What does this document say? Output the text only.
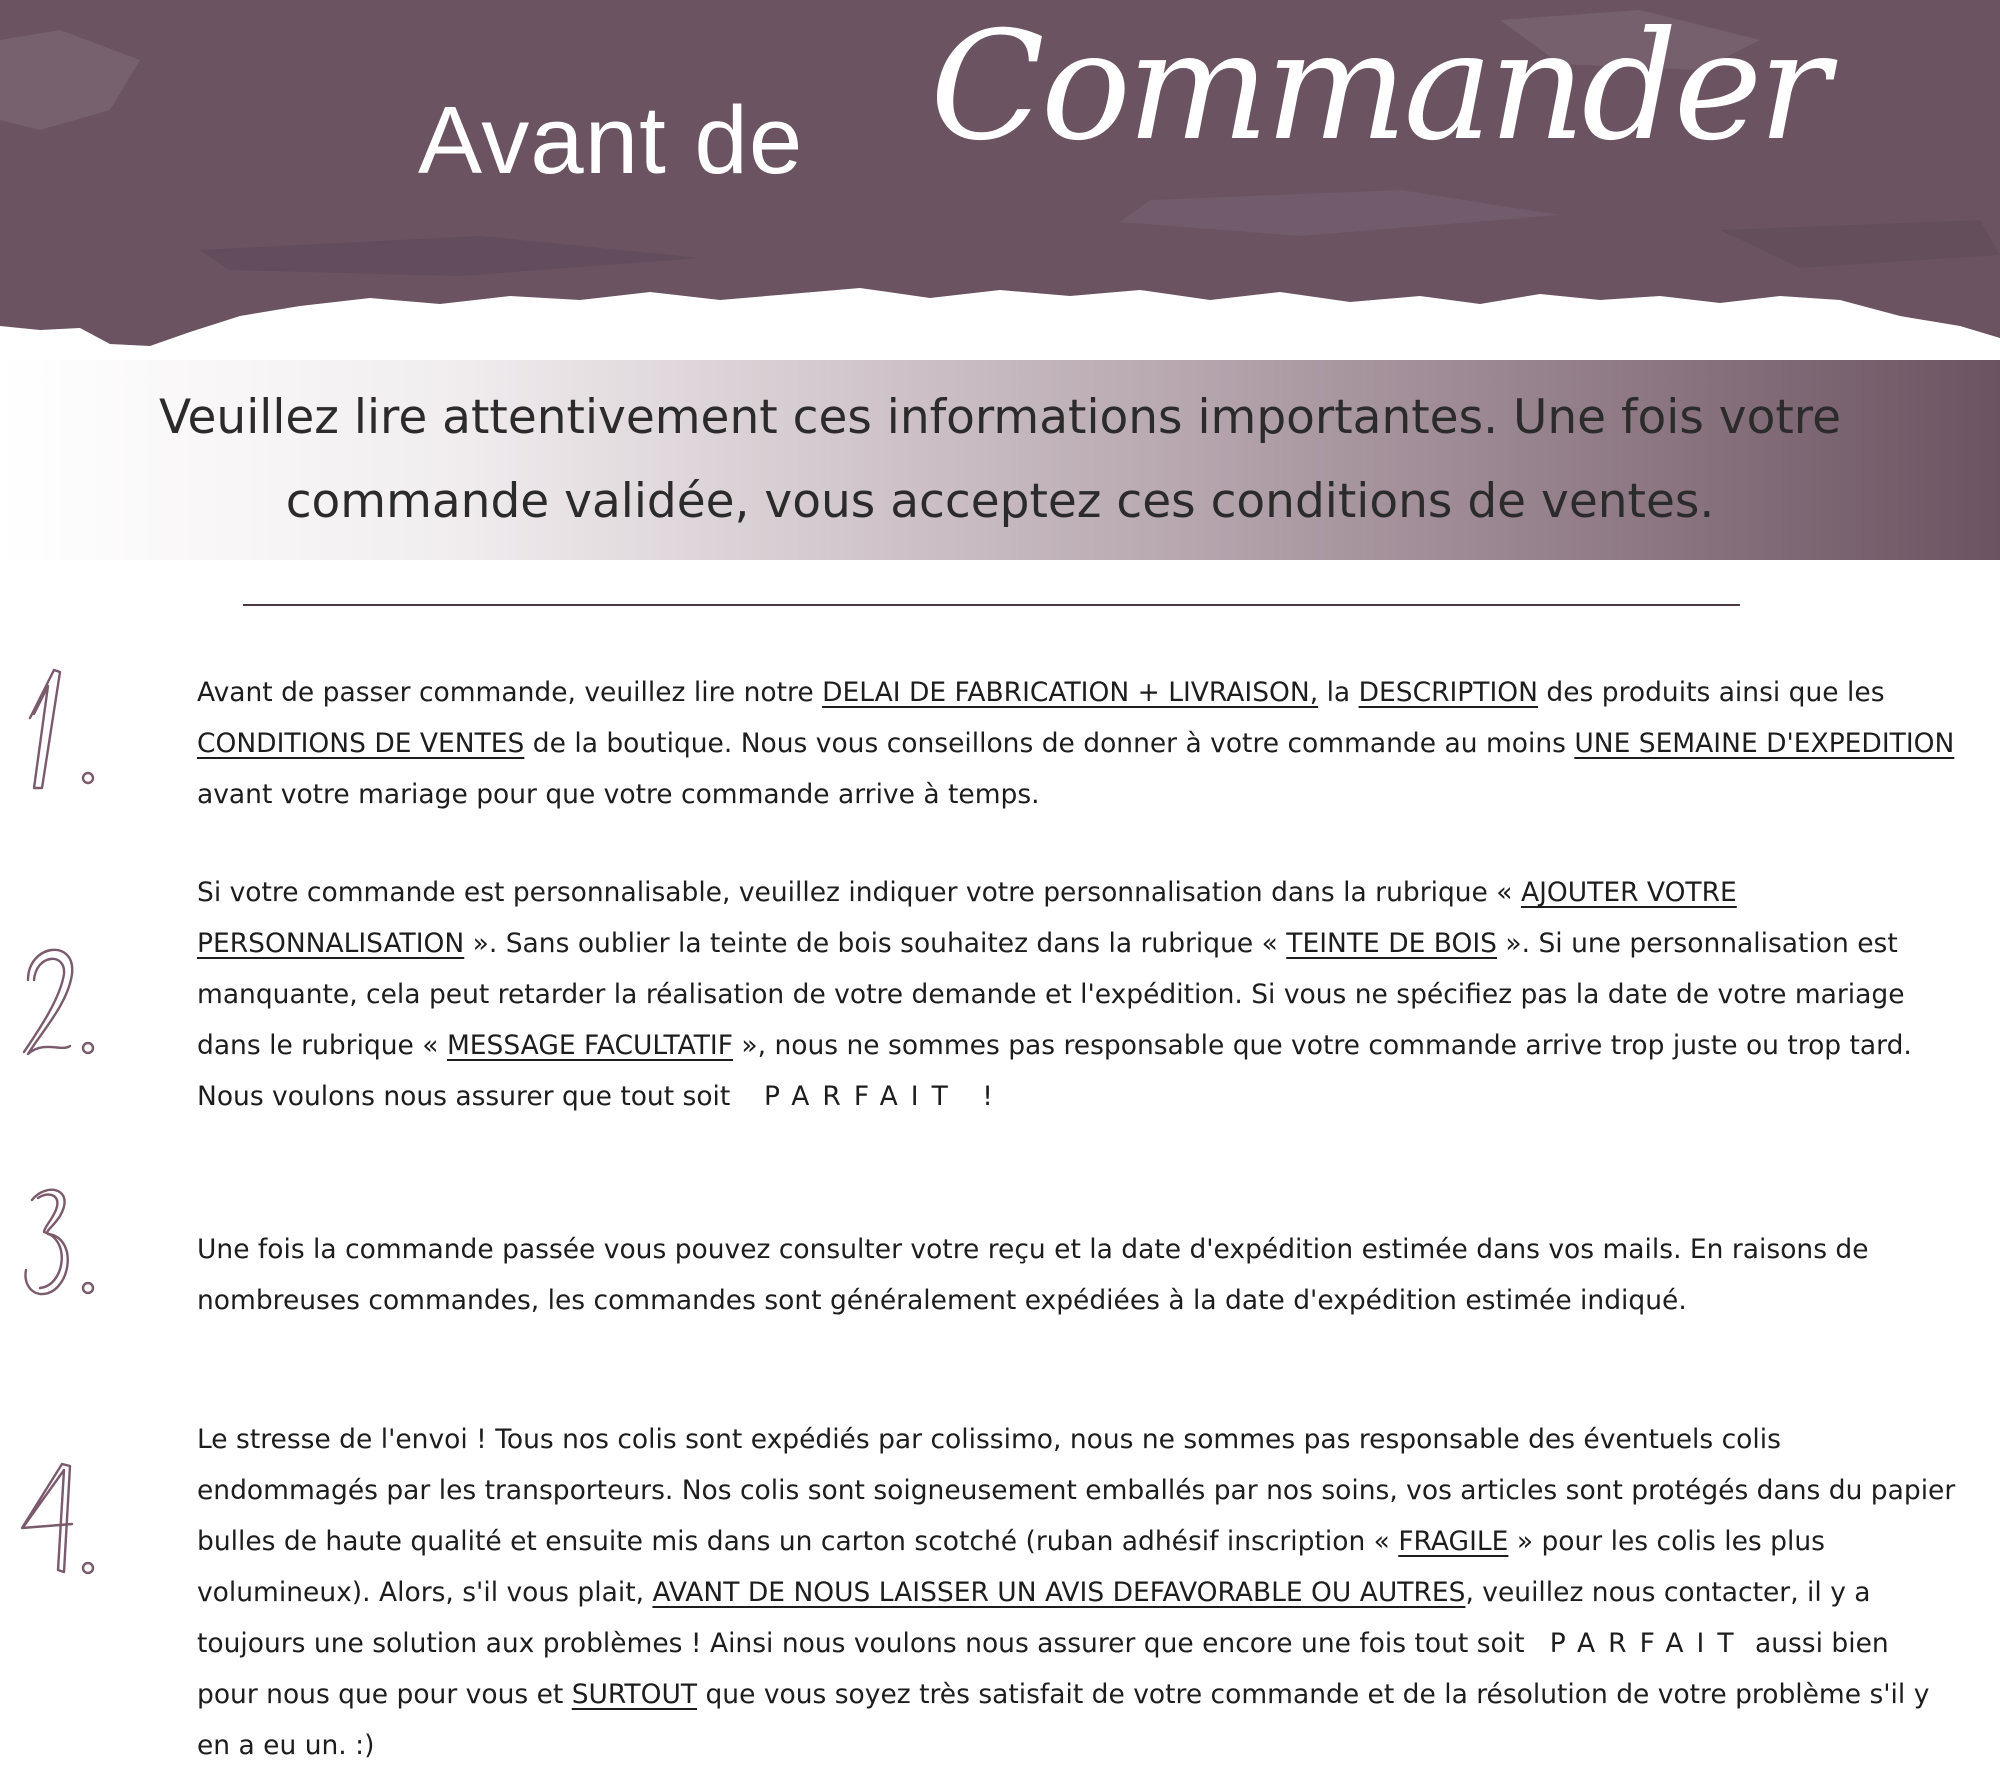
Avant de Commander
Veuillez lire attentivement ces informations importantes. Une fois votre
commande validée, vous acceptez ces conditions de ventes.
Avant de passer commande, veuillez lire notre DELAI DE FABRICATION + LIVRAISON, la DESCRIPTION des produits ainsi que les CONDITIONS DE VENTES de la boutique. Nous vous conseillons de donner à votre commande au moins UNE SEMAINE D'EXPEDITION avant votre mariage pour que votre commande arrive à temps.
Si votre commande est personnalisable, veuillez indiquer votre personnalisation dans la rubrique « AJOUTER VOTRE PERSONNALISATION ». Sans oublier la teinte de bois souhaitez dans la rubrique « TEINTE DE BOIS ». Si une personnalisation est manquante, cela peut retarder la réalisation de votre demande et l'expédition. Si vous ne spécifiez pas la date de votre mariage dans le rubrique « MESSAGE FACULTATIF », nous ne sommes pas responsable que votre commande arrive trop juste ou trop tard.
Nous voulons nous assurer que tout soit    PARFAIT !
Une fois la commande passée vous pouvez consulter votre reçu et la date d'expédition estimée dans vos mails. En raisons de nombreuses commandes, les commandes sont généralement expédiées à la date d'expédition estimée indiqué.
Le stresse de l'envoi ! Tous nos colis sont expédiés par colissimo, nous ne sommes pas responsable des éventuels colis endommagés par les transporteurs. Nos colis sont soigneusement emballés par nos soins, vos articles sont protégés dans du papier bulles de haute qualité et ensuite mis dans un carton scotché (ruban adhésif inscription « FRAGILE » pour les colis les plus volumineux). Alors, s'il vous plait, AVANT DE NOUS LAISSER UN AVIS DEFAVORABLE OU AUTRES, veuillez nous contacter, il y a toujours une solution aux problèmes ! Ainsi nous voulons nous assurer que encore une fois tout soit   PARFAIT aussi bien pour nous que pour vous et SURTOUT que vous soyez très satisfait de votre commande et de la résolution de votre problème s'il y en a eu un. :)
